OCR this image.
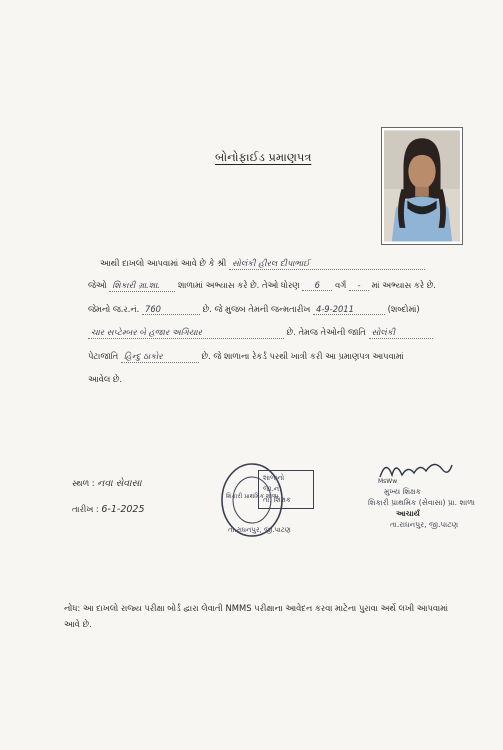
બોનોફાઈડ પ્રમાણપત્ર
આથી દાખલો આપવામાં આવે છે કે શ્રી સોલંકી હીરલ દીપાભાઈ
જેઓ શિકારી ગ્રા.શા. શાળામાં અભ્યાસ કરે છે. તેઓ ધોરણ 6 વર્ગ - માં અભ્યાસ કરે છે.
જેમનો જ.ર.નં. 760	છે. જે મુજબ તેમની જન્મતારીખ 4-9-2011	(શબ્દોમાં)
ચાર સપ્ટેમ્બર બે હજાર અગિયાર	છે. તેમજ તેઓની જાતિ સોલંકી
પેટાજાતિ હિન્દુ ઠાકોર	છે. જે શાળાના રેકર્ડ પરથી ખાત્રી કરી આ પ્રમાણપત્ર આપવામાં
આવેલ છે.
સ્થળ : નવા સેવાસા
તારીખ : 6-1-2025
શિકારી પ્રાથમિક શાળા
શાળાનો
જા.નં.
તા. શિક્ષક
તા.રાધનપુર, જી.પાટણ
MsWw
મુખ્ય શિક્ષક
શિકારી પ્રાથમિક (સેવાસા) પ્રા. શાળા
આચાર્ય
તા.રાધનપુર, જી.પાટણ
નોંધ: આ દાખલો રાજ્ય પરીક્ષા બોર્ડ દ્વારા લેવાતી NMMS પરીક્ષાના આવેદન કરવા માટેના પુરાવા અર્થે લખી આપવામાં આવે છે.
